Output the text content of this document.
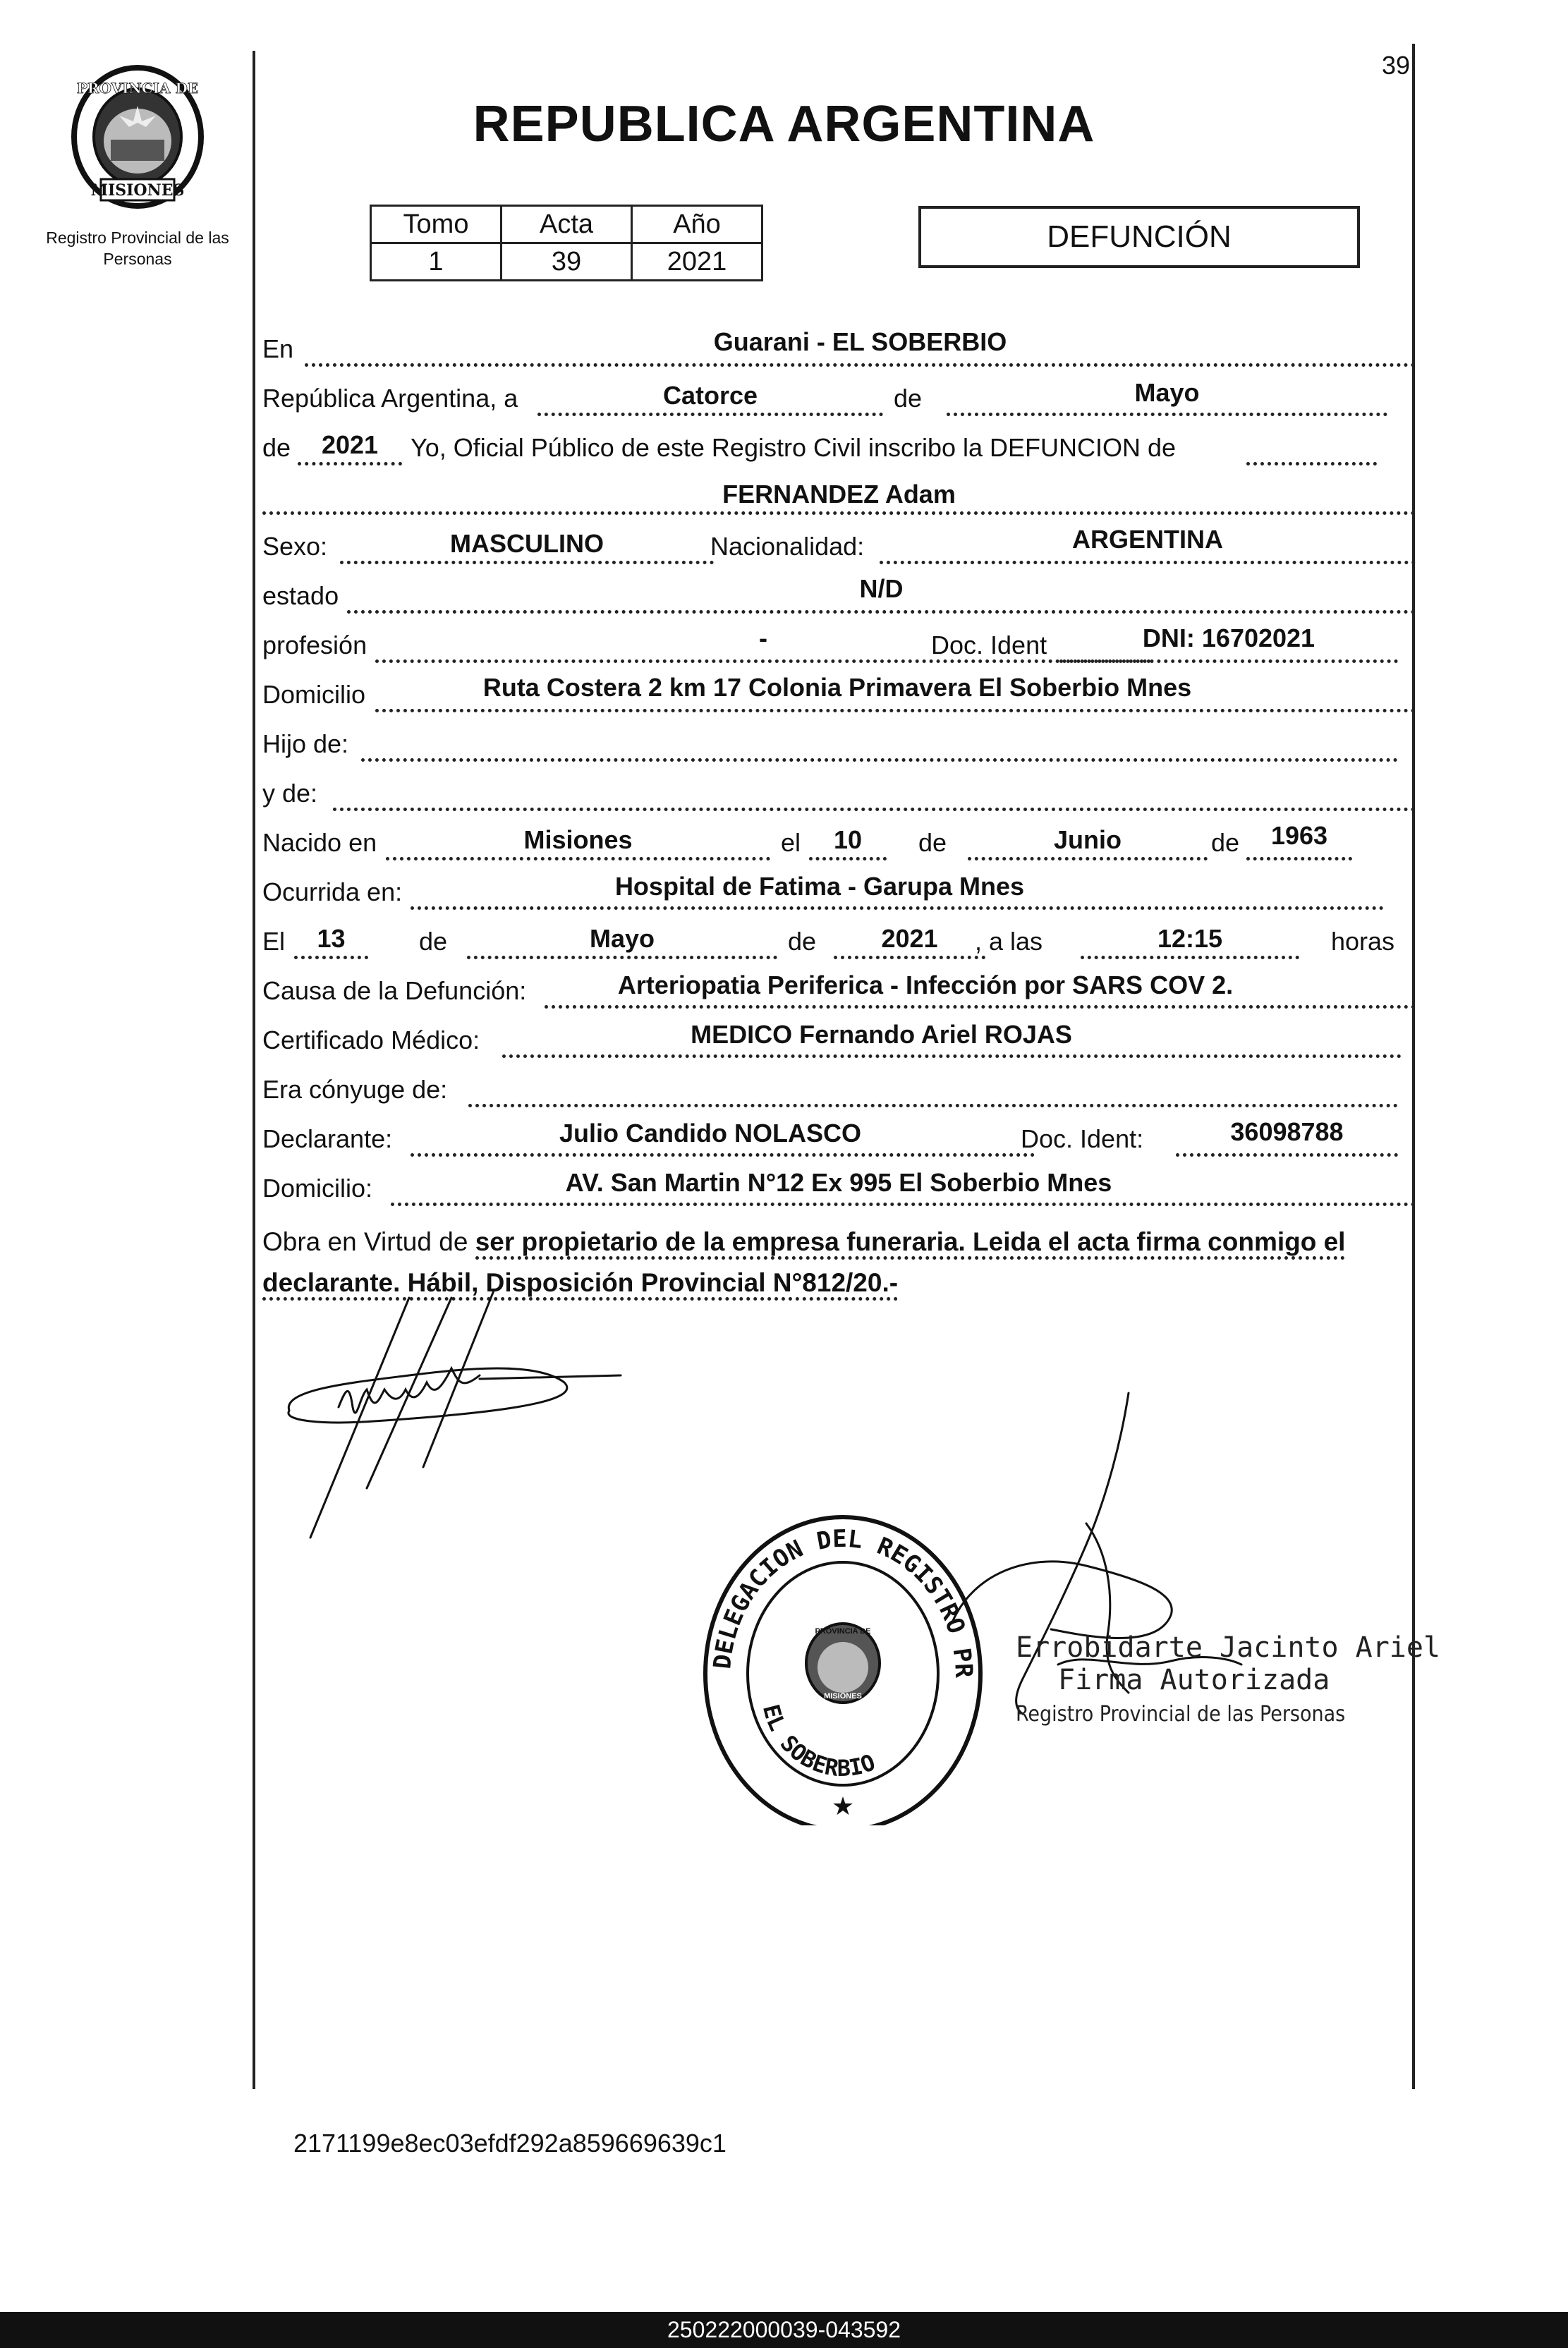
39
PROVINCIA DE
MISIONES
Registro Provincial de las Personas
REPUBLICA ARGENTINA
Tomo	Acta	Año
1	39	2021
DEFUNCIÓN
En	Guarani - EL SOBERBIO
República Argentina, a	Catorce	de	Mayo
de	2021	Yo, Oficial Público de este Registro Civil inscribo la DEFUNCION de
FERNANDEZ Adam
Sexo:	MASCULINO	Nacionalidad:	ARGENTINA
estado	N/D
profesión	-	Doc. Ident	DNI: 16702021
Domicilio	Ruta Costera 2 km 17 Colonia Primavera El Soberbio Mnes
Hijo de:
y de:
Nacido en	Misiones	el	10	de	Junio	de	1963
Ocurrida en:	Hospital de Fatima - Garupa Mnes
El	13	de	Mayo	de	2021	, a las	12:15	horas
Causa de la Defunción:	Arteriopatia Periferica - Infección por SARS COV 2.
Certificado Médico:	MEDICO Fernando Ariel ROJAS
Era cónyuge de:
Declarante:	Julio Candido NOLASCO	Doc. Ident:	36098788
Domicilio:	AV. San Martin N°12 Ex 995 El Soberbio Mnes
Obra en Virtud de ser propietario de la empresa funeraria. Leida el acta firma conmigo el declarante. Hábil, Disposición Provincial N°812/20.-
DELEGACION DEL REGISTRO PR
PROVINCIA DE
MISIONES
EL SOBERBIO
★
Errobidarte Jacinto Ariel
Firma Autorizada
Registro Provincial de las Personas
2171199e8ec03efdf292a859669639c1
250222000039-043592
